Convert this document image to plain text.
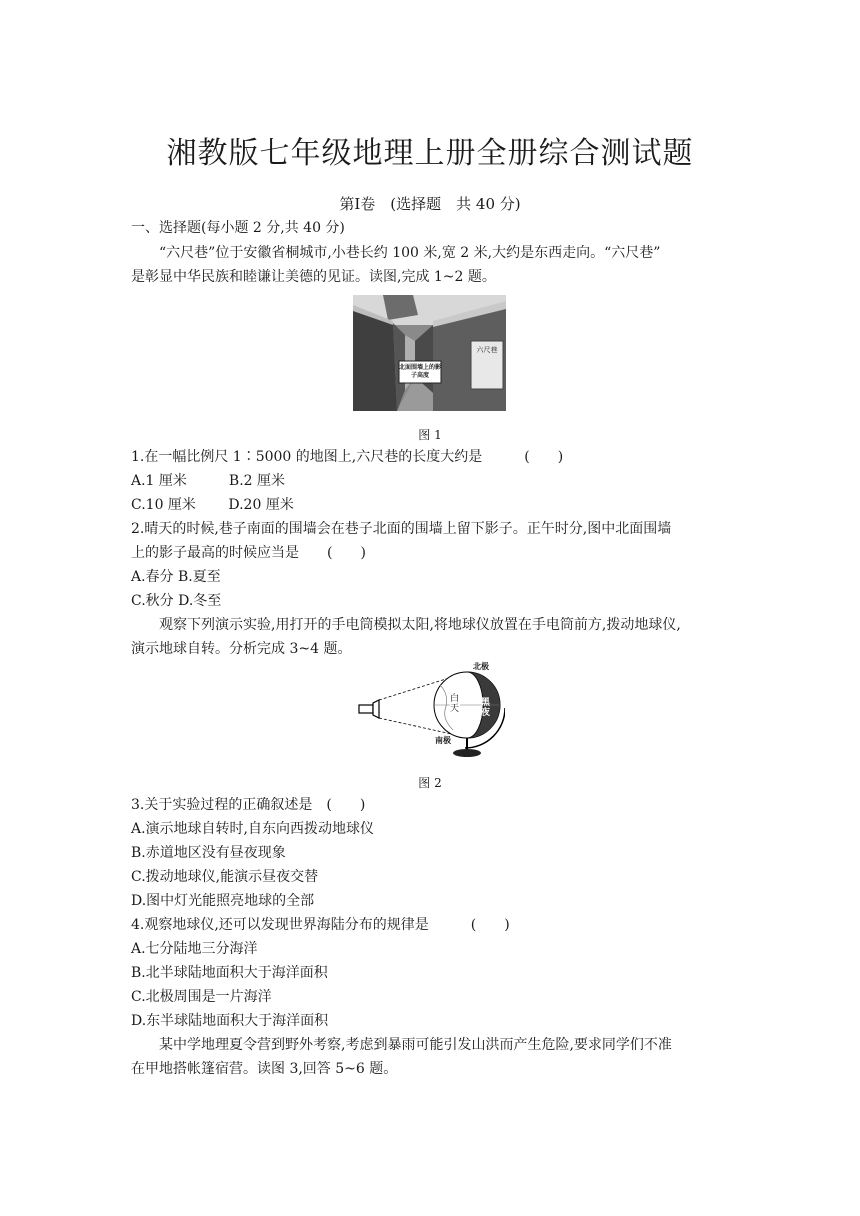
湘教版七年级地理上册全册综合测试题
第Ⅰ卷　(选择题　共 40 分)
一、选择题(每小题 2 分,共 40 分)
“六尺巷”位于安徽省桐城市,小巷长约 100 米,宽 2 米,大约是东西走向。“六尺巷”
是彰显中华民族和睦谦让美德的见证。读图,完成 1~2 题。
北面围墙上的影子高度
六尺巷
图 1
1.在一幅比例尺 1∶5000 的地图上,六尺巷的长度大约是　　　(　　)
A.1 厘米　　　B.2 厘米
C.10 厘米　　 D.20 厘米
2.晴天的时候,巷子南面的围墙会在巷子北面的围墙上留下影子。正午时分,图中北面围墙
上的影子最高的时候应当是　　(　　)
A.春分 B.夏至
C.秋分 D.冬至
观察下列演示实验,用打开的手电筒模拟太阳,将地球仪放置在手电筒前方,拨动地球仪,
演示地球自转。分析完成 3~4 题。
北极
南极
白天
黑夜
图 2
3.关于实验过程的正确叙述是　(　　)
A.演示地球自转时,自东向西拨动地球仪
B.赤道地区没有昼夜现象
C.拨动地球仪,能演示昼夜交替
D.图中灯光能照亮地球的全部
4.观察地球仪,还可以发现世界海陆分布的规律是　　　(　　)
A.七分陆地三分海洋
B.北半球陆地面积大于海洋面积
C.北极周围是一片海洋
D.东半球陆地面积大于海洋面积
某中学地理夏令营到野外考察,考虑到暴雨可能引发山洪而产生危险,要求同学们不准
在甲地搭帐篷宿营。读图 3,回答 5~6 题。
